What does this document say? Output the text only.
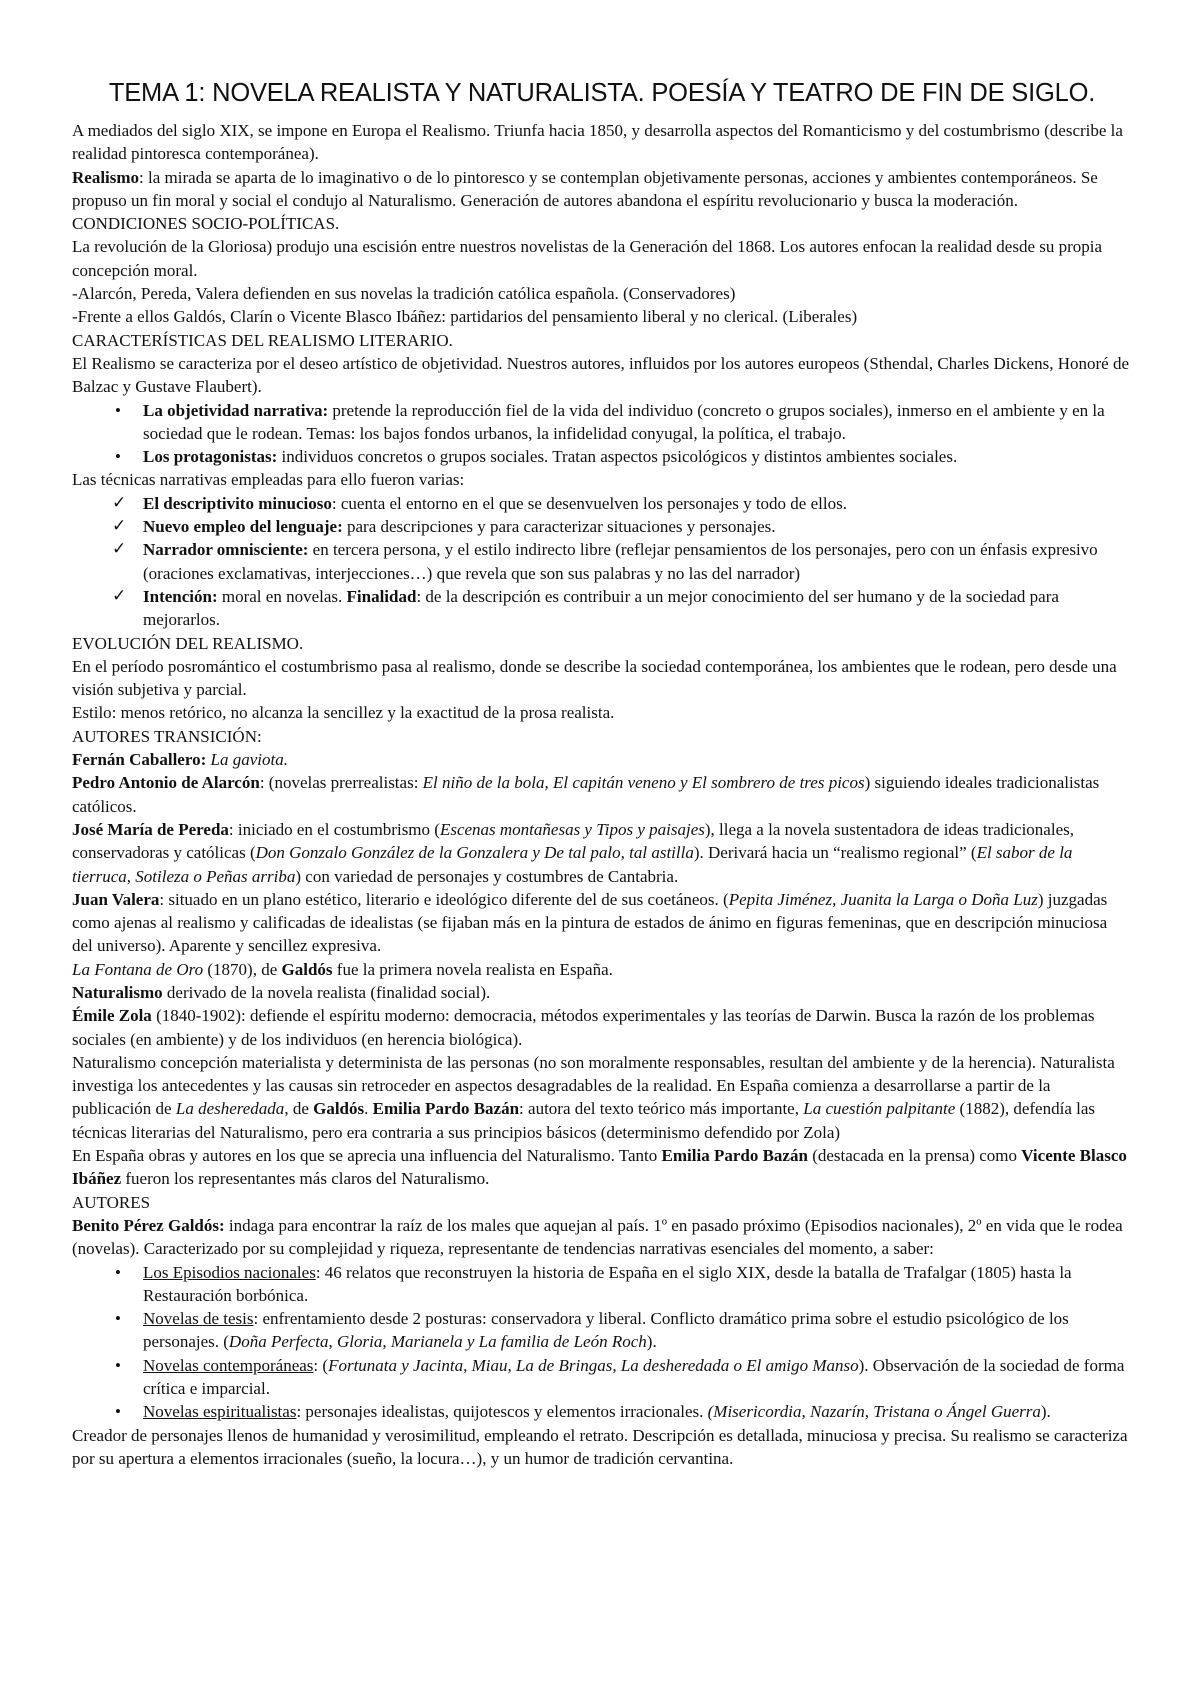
TEMA 1: NOVELA REALISTA Y NATURALISTA. POESÍA Y TEATRO DE FIN DE SIGLO.

A mediados del siglo XIX, se impone en Europa el Realismo. Triunfa hacia 1850, y desarrolla aspectos del Romanticismo y del costumbrismo (describe la realidad pintoresca contemporánea).

Realismo: la mirada se aparta de lo imaginativo o de lo pintoresco y se contemplan objetivamente personas, acciones y ambientes contemporáneos. Se propuso un fin moral y social el condujo al Naturalismo. Generación de autores abandona el espíritu revolucionario y busca la moderación.

CONDICIONES SOCIO-POLÍTICAS.

La revolución de la Gloriosa) produjo una escisión entre nuestros novelistas de la Generación del 1868. Los autores enfocan la realidad desde su propia concepción moral.

-Alarcón, Pereda, Valera defienden en sus novelas la tradición católica española. (Conservadores)

-Frente a ellos Galdós, Clarín o Vicente Blasco Ibáñez: partidarios del pensamiento liberal y no clerical. (Liberales)

CARACTERÍSTICAS DEL REALISMO LITERARIO.

El Realismo se caracteriza por el deseo artístico de objetividad. Nuestros autores, influidos por los autores europeos (Sthendal, Charles Dickens, Honoré de Balzac y Gustave Flaubert).

• La objetividad narrativa: pretende la reproducción fiel de la vida del individuo (concreto o grupos sociales), inmerso en el ambiente y en la sociedad que le rodean. Temas: los bajos fondos urbanos, la infidelidad conyugal, la política, el trabajo.
• Los protagonistas: individuos concretos o grupos sociales. Tratan aspectos psicológicos y distintos ambientes sociales.

Las técnicas narrativas empleadas para ello fueron varias:

✓ El descriptivito minucioso: cuenta el entorno en el que se desenvuelven los personajes y todo de ellos.
✓ Nuevo empleo del lenguaje: para descripciones y para caracterizar situaciones y personajes.
✓ Narrador omnisciente: en tercera persona, y el estilo indirecto libre (reflejar pensamientos de los personajes, pero con un énfasis expresivo (oraciones exclamativas, interjecciones…) que revela que son sus palabras y no las del narrador)
✓ Intención: moral en novelas. Finalidad: de la descripción es contribuir a un mejor conocimiento del ser humano y de la sociedad para mejorarlos.

EVOLUCIÓN DEL REALISMO.

En el período posromántico el costumbrismo pasa al realismo, donde se describe la sociedad contemporánea, los ambientes que le rodean, pero desde una visión subjetiva y parcial.

Estilo: menos retórico, no alcanza la sencillez y la exactitud de la prosa realista.

AUTORES TRANSICIÓN:

Fernán Caballero: La gaviota.

Pedro Antonio de Alarcón: (novelas prerrealistas: El niño de la bola, El capitán veneno y El sombrero de tres picos) siguiendo ideales tradicionalistas católicos.

José María de Pereda: iniciado en el costumbrismo (Escenas montañesas y Tipos y paisajes), llega a la novela sustentadora de ideas tradicionales, conservadoras y católicas (Don Gonzalo González de la Gonzalera y De tal palo, tal astilla). Derivará hacia un “realismo regional” (El sabor de la tierruca, Sotileza o Peñas arriba) con variedad de personajes y costumbres de Cantabria.

Juan Valera: situado en un plano estético, literario e ideológico diferente del de sus coetáneos. (Pepita Jiménez, Juanita la Larga o Doña Luz) juzgadas como ajenas al realismo y calificadas de idealistas (se fijaban más en la pintura de estados de ánimo en figuras femeninas, que en descripción minuciosa del universo). Aparente y sencillez expresiva.

La Fontana de Oro (1870), de Galdós fue la primera novela realista en España.

Naturalismo derivado de la novela realista (finalidad social).

Émile Zola (1840-1902): defiende el espíritu moderno: democracia, métodos experimentales y las teorías de Darwin. Busca la razón de los problemas sociales (en ambiente) y de los individuos (en herencia biológica).

Naturalismo concepción materialista y determinista de las personas (no son moralmente responsables, resultan del ambiente y de la herencia). Naturalista investiga los antecedentes y las causas sin retroceder en aspectos desagradables de la realidad. En España comienza a desarrollarse a partir de la publicación de La desheredada, de Galdós. Emilia Pardo Bazán: autora del texto teórico más importante, La cuestión palpitante (1882), defendía las técnicas literarias del Naturalismo, pero era contraria a sus principios básicos (determinismo defendido por Zola)

En España obras y autores en los que se aprecia una influencia del Naturalismo. Tanto Emilia Pardo Bazán (destacada en la prensa) como Vicente Blasco Ibáñez fueron los representantes más claros del Naturalismo.

AUTORES

Benito Pérez Galdós: indaga para encontrar la raíz de los males que aquejan al país. 1º en pasado próximo (Episodios nacionales), 2º en vida que le rodea (novelas). Caracterizado por su complejidad y riqueza, representante de tendencias narrativas esenciales del momento, a saber:

• Los Episodios nacionales: 46 relatos que reconstruyen la historia de España en el siglo XIX, desde la batalla de Trafalgar (1805) hasta la Restauración borbónica.
• Novelas de tesis: enfrentamiento desde 2 posturas: conservadora y liberal. Conflicto dramático prima sobre el estudio psicológico de los personajes. (Doña Perfecta, Gloria, Marianela y La familia de León Roch).
• Novelas contemporáneas: (Fortunata y Jacinta, Miau, La de Bringas, La desheredada o El amigo Manso). Observación de la sociedad de forma crítica e imparcial.
• Novelas espiritualistas: personajes idealistas, quijotescos y elementos irracionales. (Misericordia, Nazarín, Tristana o Ángel Guerra).

Creador de personajes llenos de humanidad y verosimilitud, empleando el retrato. Descripción es detallada, minuciosa y precisa. Su realismo se caracteriza por su apertura a elementos irracionales (sueño, la locura…), y un humor de tradición cervantina.
